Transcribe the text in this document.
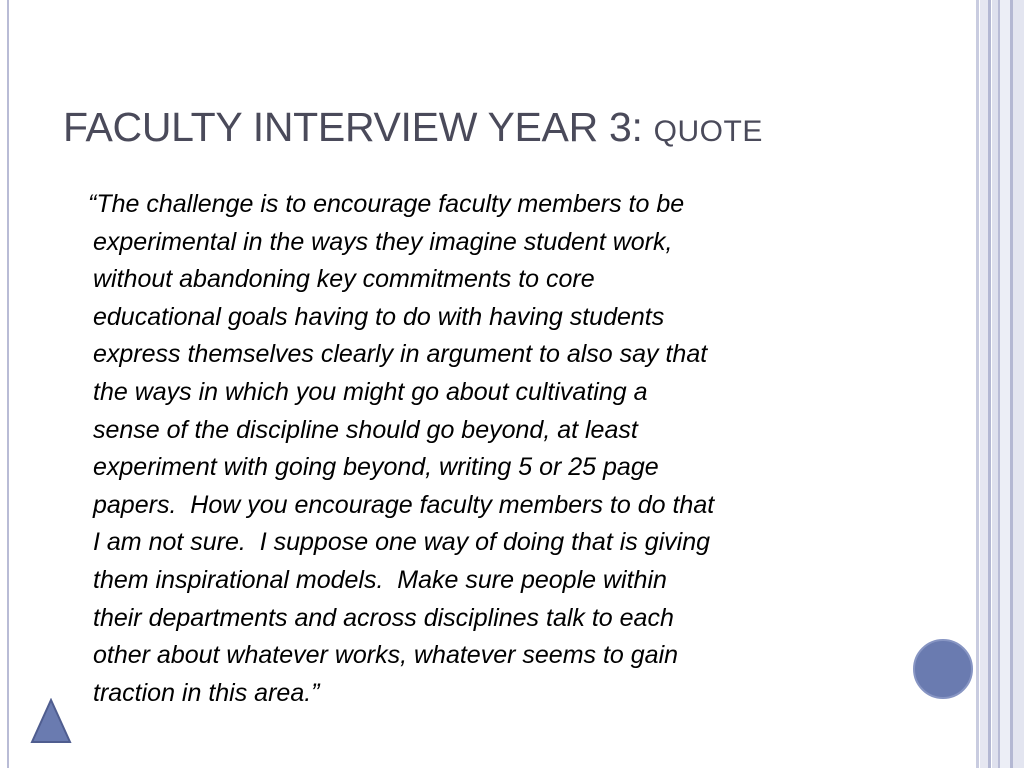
FACULTY INTERVIEW YEAR 3: QUOTE
“The challenge is to encourage faculty members to be
experimental in the ways they imagine student work,
without abandoning key commitments to core
educational goals having to do with having students
express themselves clearly in argument to also say that
the ways in which you might go about cultivating a
sense of the discipline should go beyond, at least
experiment with going beyond, writing 5 or 25 page
papers.  How you encourage faculty members to do that
I am not sure.  I suppose one way of doing that is giving
them inspirational models.  Make sure people within
their departments and across disciplines talk to each
other about whatever works, whatever seems to gain
traction in this area.”
